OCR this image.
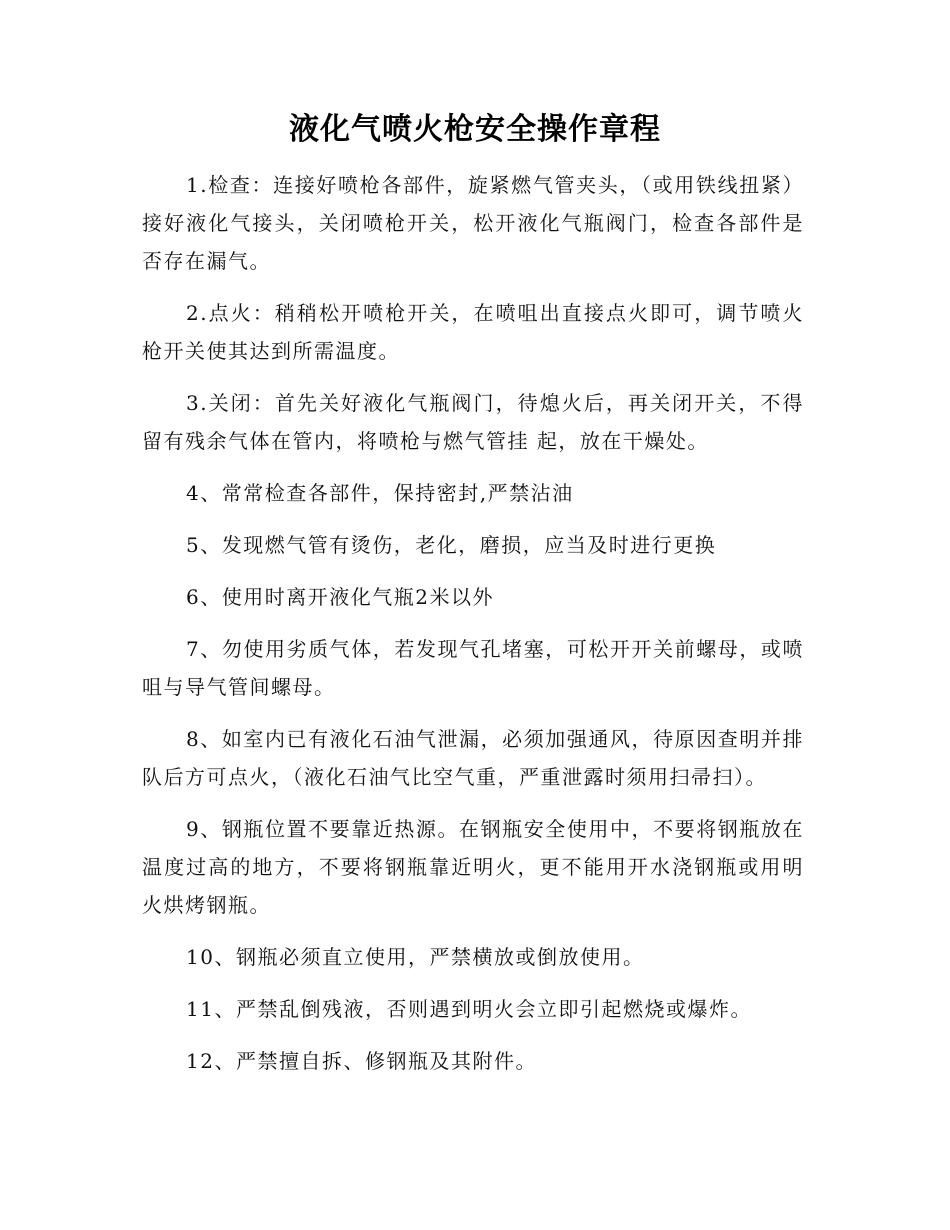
液化气喷火枪安全操作章程

1.检查：连接好喷枪各部件，旋紧燃气管夹头，（或用铁线扭紧）接好液化气接头，关闭喷枪开关，松开液化气瓶阀门，检查各部件是否存在漏气。

2.点火：稍稍松开喷枪开关，在喷咀出直接点火即可，调节喷火枪开关使其达到所需温度。

3.关闭：首先关好液化气瓶阀门，待熄火后，再关闭开关，不得留有残余气体在管内，将喷枪与燃气管挂 起，放在干燥处。

4、常常检查各部件，保持密封,严禁沾油

5、发现燃气管有烫伤，老化，磨损，应当及时进行更换

6、使用时离开液化气瓶2米以外

7、勿使用劣质气体，若发现气孔堵塞，可松开开关前螺母，或喷咀与导气管间螺母。

8、如室内已有液化石油气泄漏，必须加强通风，待原因查明并排队后方可点火，（液化石油气比空气重，严重泄露时须用扫帚扫）。

9、钢瓶位置不要靠近热源。在钢瓶安全使用中，不要将钢瓶放在温度过高的地方，不要将钢瓶靠近明火，更不能用开水浇钢瓶或用明火烘烤钢瓶。

10、钢瓶必须直立使用，严禁横放或倒放使用。

11、严禁乱倒残液，否则遇到明火会立即引起燃烧或爆炸。

12、严禁擅自拆、修钢瓶及其附件。
